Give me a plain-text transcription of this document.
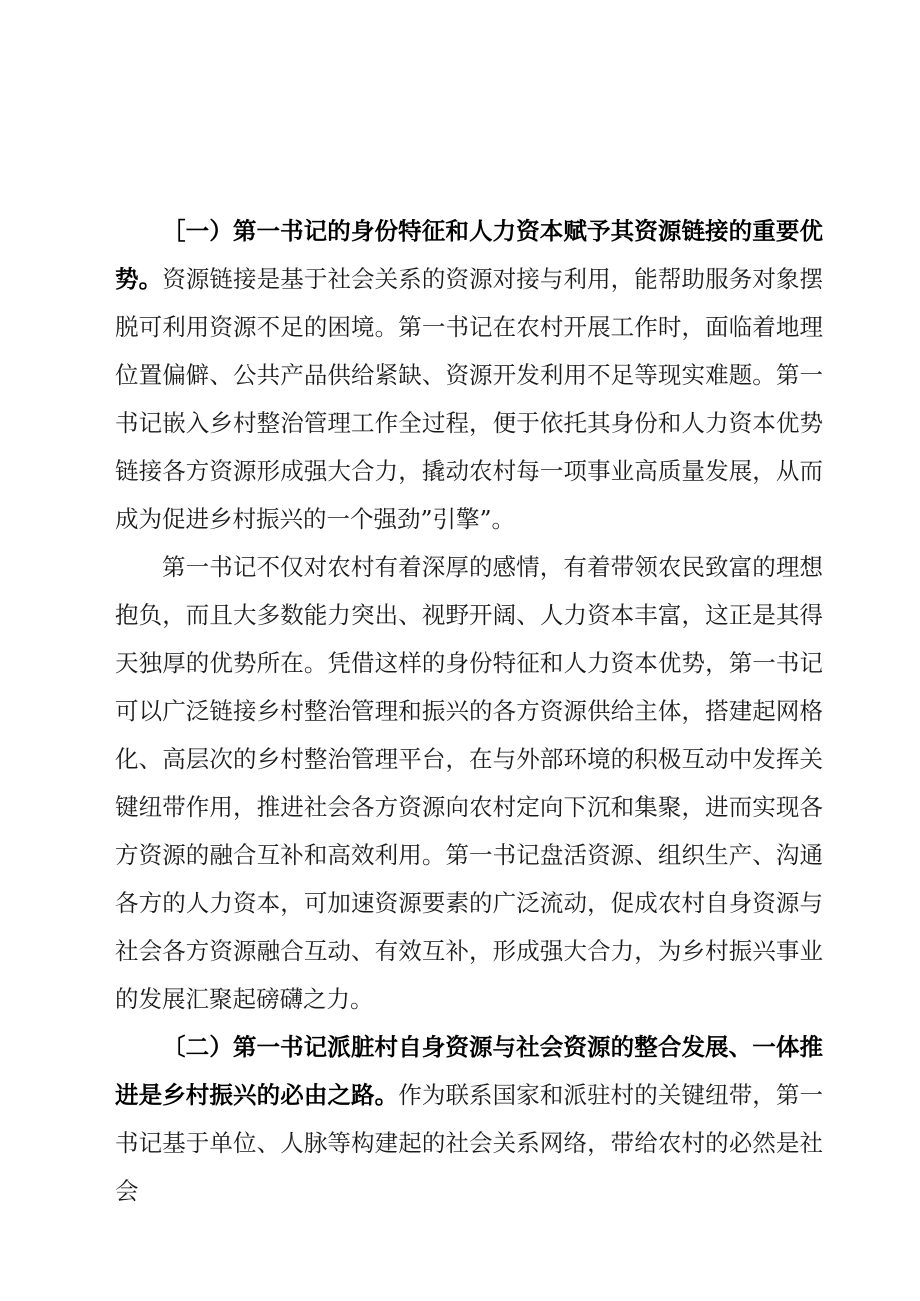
［一）第一书记的身份特征和人力资本赋予其资源链接的重要优势。资源链接是基于社会关系的资源对接与利用，能帮助服务对象摆脱可利用资源不足的困境。第一书记在农村开展工作时，面临着地理位置偏僻、公共产品供给紧缺、资源开发利用不足等现实难题。第一书记嵌入乡村整治管理工作全过程，便于依托其身份和人力资本优势链接各方资源形成强大合力，撬动农村每一项事业高质量发展，从而成为促进乡村振兴的一个强劲”引擎”。

第一书记不仅对农村有着深厚的感情，有着带领农民致富的理想抱负，而且大多数能力突出、视野开阔、人力资本丰富，这正是其得天独厚的优势所在。凭借这样的身份特征和人力资本优势，第一书记可以广泛链接乡村整治管理和振兴的各方资源供给主体，搭建起网格化、高层次的乡村整治管理平台，在与外部环境的积极互动中发挥关键纽带作用，推进社会各方资源向农村定向下沉和集聚，进而实现各方资源的融合互补和高效利用。第一书记盘活资源、组织生产、沟通各方的人力资本，可加速资源要素的广泛流动，促成农村自身资源与社会各方资源融合互动、有效互补，形成强大合力，为乡村振兴事业的发展汇聚起磅礴之力。

〔二）第一书记派脏村自身资源与社会资源的整合发展、一体推进是乡村振兴的必由之路。作为联系国家和派驻村的关键纽带，第一书记基于单位、人脉等构建起的社会关系网络，带给农村的必然是社会
